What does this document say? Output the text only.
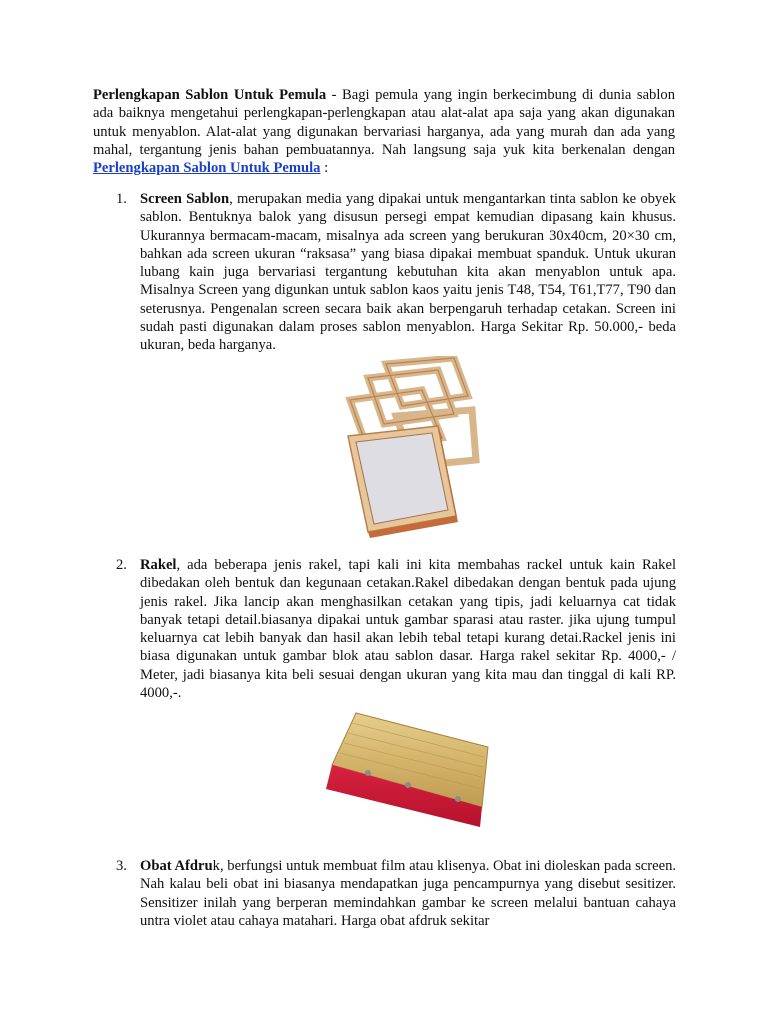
Perlengkapan Sablon Untuk Pemula - Bagi pemula yang ingin berkecimbung di dunia sablon ada baiknya mengetahui perlengkapan-perlengkapan atau alat-alat apa saja yang akan digunakan untuk menyablon. Alat-alat yang digunakan bervariasi harganya, ada yang murah dan ada yang mahal, tergantung jenis bahan pembuatannya. Nah langsung saja yuk kita berkenalan dengan Perlengkapan Sablon Untuk Pemula :

1. Screen Sablon, merupakan media yang dipakai untuk mengantarkan tinta sablon ke obyek sablon. Bentuknya balok yang disusun persegi empat kemudian dipasang kain khusus. Ukurannya bermacam-macam, misalnya ada screen yang berukuran 30x40cm, 20×30 cm, bahkan ada screen ukuran “raksasa” yang biasa dipakai membuat spanduk. Untuk ukuran lubang kain juga bervariasi tergantung kebutuhan kita akan menyablon untuk apa. Misalnya Screen yang digunkan untuk sablon kaos yaitu jenis T48, T54, T61,T77, T90 dan seterusnya. Pengenalan screen secara baik akan berpengaruh terhadap cetakan. Screen ini sudah pasti digunakan dalam proses sablon menyablon. Harga Sekitar Rp. 50.000,- beda ukuran, beda harganya.
2. Rakel, ada beberapa jenis rakel, tapi kali ini kita membahas rackel untuk kain Rakel dibedakan oleh bentuk dan kegunaan cetakan.Rakel dibedakan dengan bentuk pada ujung jenis rakel. Jika lancip akan menghasilkan cetakan yang tipis, jadi keluarnya cat tidak banyak tetapi detail.biasanya dipakai untuk gambar sparasi atau raster. jika ujung tumpul keluarnya cat lebih banyak dan hasil akan lebih tebal tetapi kurang detai.Rackel jenis ini biasa digunakan untuk gambar blok atau sablon dasar. Harga rakel sekitar Rp. 4000,- / Meter, jadi biasanya kita beli sesuai dengan ukuran yang kita mau dan tinggal di kali RP. 4000,-.
3. Obat Afdruk, berfungsi untuk membuat film atau klisenya. Obat ini dioleskan pada screen. Nah kalau beli obat ini biasanya mendapatkan juga pencampurnya yang disebut sesitizer. Sensitizer inilah yang berperan memindahkan gambar ke screen melalui bantuan cahaya untra violet atau cahaya matahari. Harga obat afdruk sekitar
